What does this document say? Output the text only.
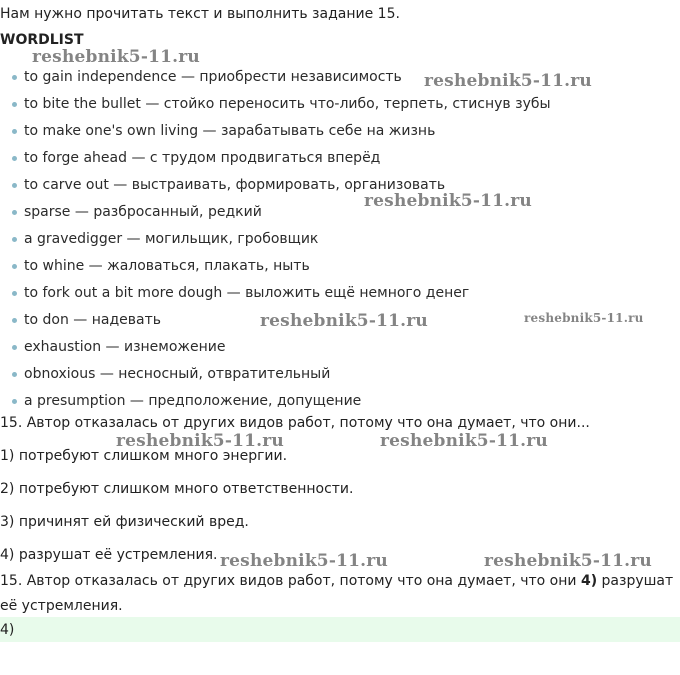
Нам нужно прочитать текст и выполнить задание 15.
WORDLIST
to gain independence — приобрести независимость
to bite the bullet — стойко переносить что-либо, терпеть, стиснув зубы
to make one's own living — зарабатывать себе на жизнь
to forge ahead — с трудом продвигаться вперёд
to carve out — выстраивать, формировать, организовать
sparse — разбросанный, редкий
a gravedigger — могильщик, гробовщик
to whine — жаловаться, плакать, ныть
to fork out a bit more dough — выложить ещё немного денег
to don — надевать
exhaustion — изнеможение
obnoxious — несносный, отвратительный
a presumption — предположение, допущение
15. Автор отказалась от других видов работ, потому что она думает, что они...
1) потребуют слишком много энергии.
2) потребуют слишком много ответственности.
3) причинят ей физический вред.
4) разрушат её устремления.
15. Автор отказалась от других видов работ, потому что она думает, что они 4) разрушат
её устремления.
4)
reshebnik5-11.ru
reshebnik5-11.ru
reshebnik5-11.ru
reshebnik5-11.ru	reshebnik5-11.ru
reshebnik5-11.ru	reshebnik5-11.ru
reshebnik5-11.ru	reshebnik5-11.ru
